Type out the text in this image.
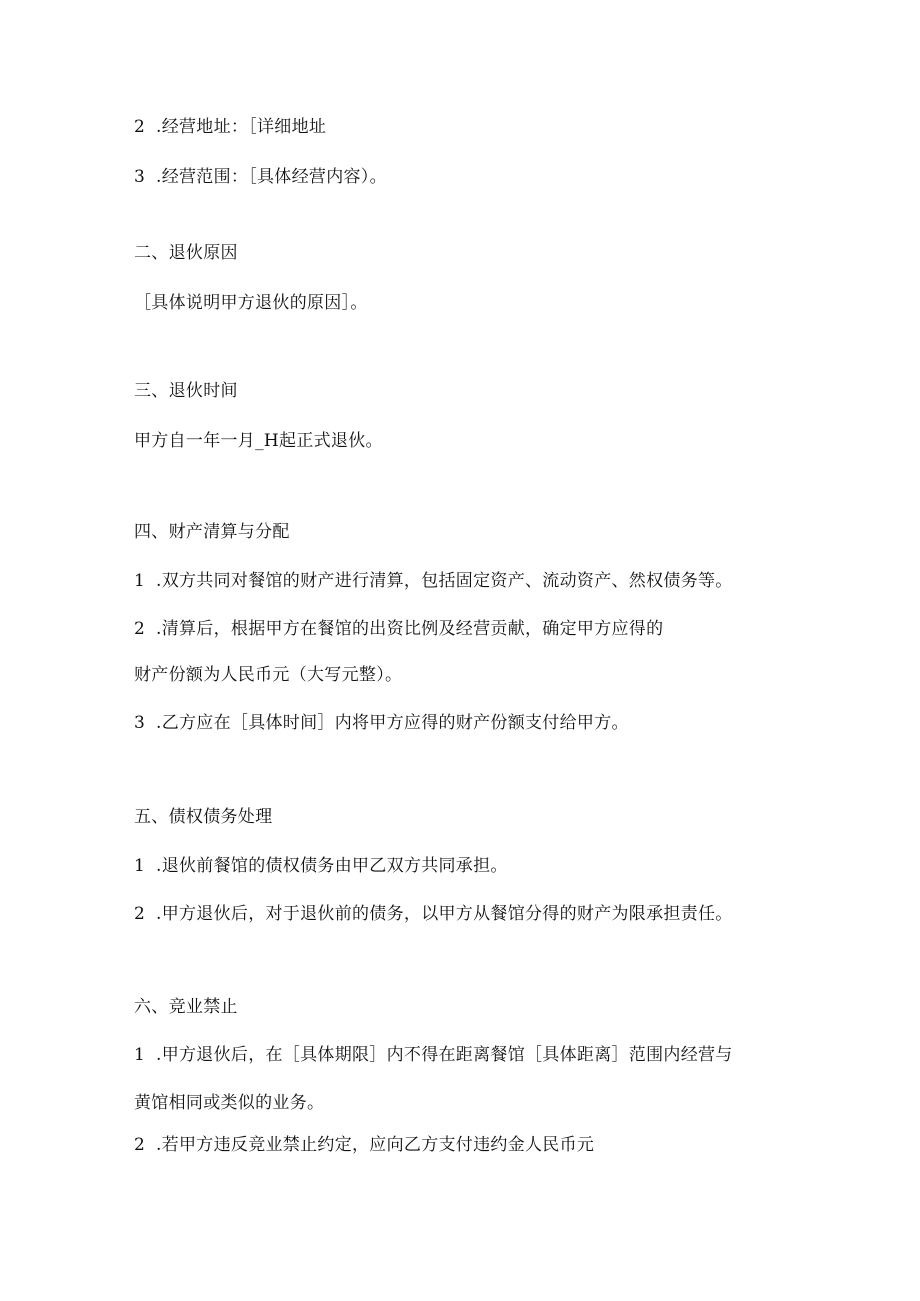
2 .经营地址：［详细地址

3 .经营范围：［具体经营内容）。

二、退伙原因

［具体说明甲方退伙的原因］。

三、退伙时间

甲方自一年一月_H起正式退伙。

四、财产清算与分配

1 .双方共同对餐馆的财产进行清算，包括固定资产、流动资产、然权债务等。

2 .清算后，根据甲方在餐馆的出资比例及经营贡献，确定甲方应得的

财产份额为人民币元（大写元整）。

3 .乙方应在［具体时间］内将甲方应得的财产份额支付给甲方。

五、债权债务处理

1 .退伙前餐馆的债权债务由甲乙双方共同承担。

2 .甲方退伙后，对于退伙前的债务，以甲方从餐馆分得的财产为限承担责任。

六、竞业禁止

1 .甲方退伙后，在［具体期限］内不得在距离餐馆［具体距离］范围内经营与

黄馆相同或类似的业务。

2 .若甲方违反竞业禁止约定，应向乙方支付违约金人民币元
